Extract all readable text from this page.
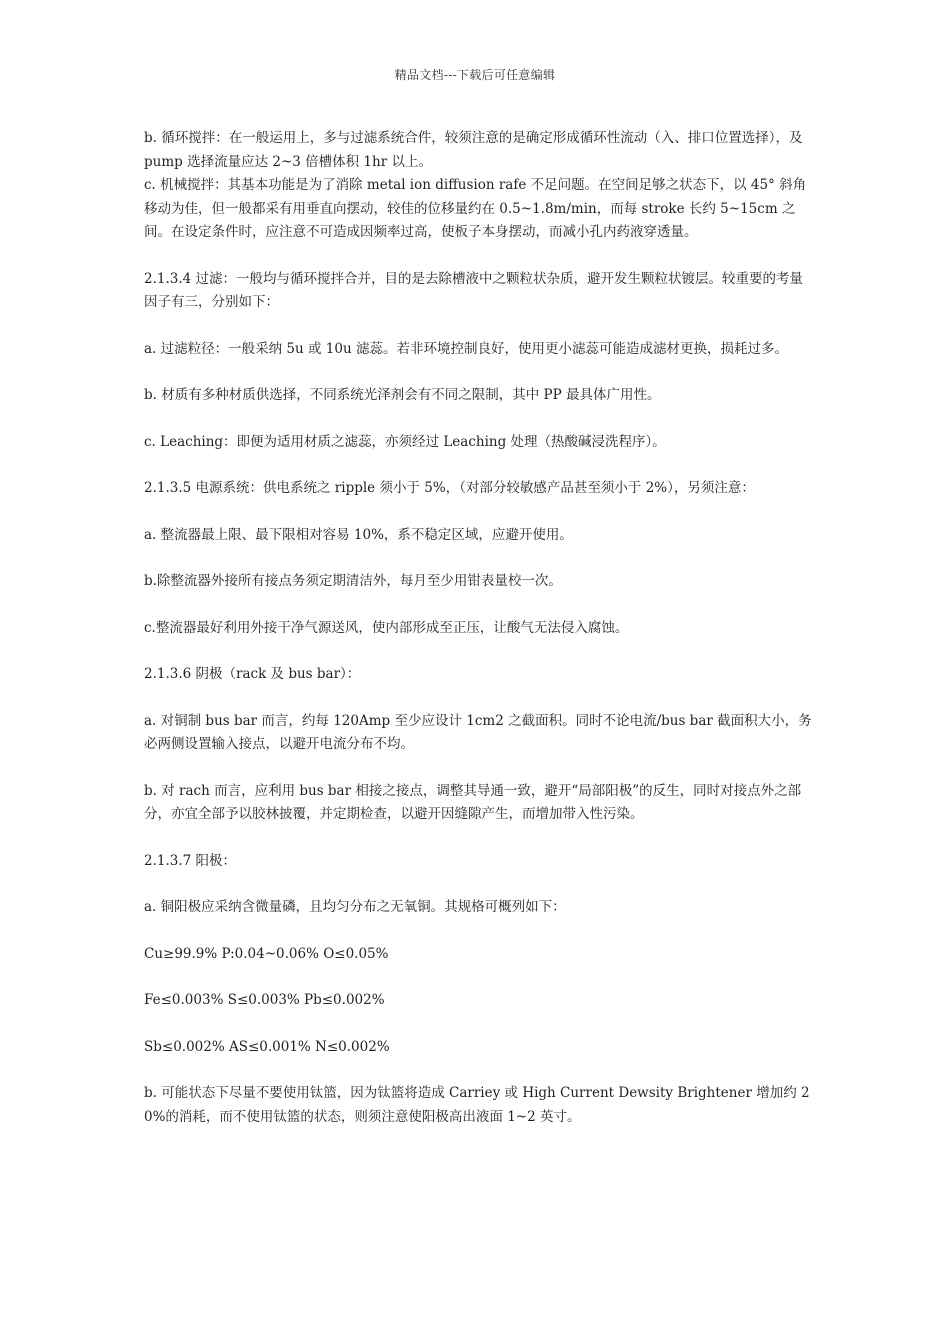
精品文档---下载后可任意编辑

b. 循环搅拌：在一般运用上，多与过滤系统合件，较须注意的是确定形成循环性流动（入、排口位置选择），及 pump 选择流量应达 2~3 倍槽体积 1hr 以上。

c. 机械搅拌：其基本功能是为了消除 metal ion diffusion rafe 不足问题。在空间足够之状态下，以 45° 斜角移动为佳，但一般都采有用垂直向摆动，较佳的位移量约在 0.5~1.8m/min，而每 stroke 长约 5~15cm 之间。在设定条件时，应注意不可造成因频率过高，使板子本身摆动，而减小孔内药液穿透量。

2.1.3.4 过滤：一般均与循环搅拌合并，目的是去除槽液中之颗粒状杂质，避开发生颗粒状镀层。较重要的考量因子有三，分别如下：

a. 过滤粒径：一般采纳 5u 或 10u 滤蕊。若非环境控制良好，使用更小滤蕊可能造成滤材更换，损耗过多。

b. 材质有多种材质供选择，不同系统光泽剂会有不同之限制，其中 PP 最具体广用性。

c. Leaching：即便为适用材质之滤蕊，亦须经过 Leaching 处理（热酸碱浸洗程序）。

2.1.3.5 电源系统：供电系统之 ripple 须小于 5%，（对部分较敏感产品甚至须小于 2%），另须注意：

a. 整流器最上限、最下限相对容易 10%，系不稳定区域，应避开使用。

b.除整流器外接所有接点务须定期清洁外，每月至少用钳表量校一次。

c.整流器最好利用外接干净气源送风，使内部形成至正压，让酸气无法侵入腐蚀。

2.1.3.6 阴极（rack 及 bus bar）：

a. 对铜制 bus bar 而言，约每 120Amp 至少应设计 1cm2 之截面积。同时不论电流/bus bar 截面积大小，务必两侧设置输入接点，以避开电流分布不均。

b. 对 rach 而言，应利用 bus bar 相接之接点，调整其导通一致，避开“局部阳极”的反生，同时对接点外之部分，亦宜全部予以胶林披覆，并定期检查，以避开因缝隙产生，而增加带入性污染。

2.1.3.7 阳极：

a. 铜阳极应采纳含微量磷，且均匀分布之无氧铜。其规格可概列如下：

Cu≥99.9% P:0.04~0.06% O≤0.05%

Fe≤0.003% S≤0.003% Pb≤0.002%

Sb≤0.002% AS≤0.001% N≤0.002%

b. 可能状态下尽量不要使用钛篮，因为钛篮将造成 Carriey 或 High Current Dewsity Brightener 增加约 20%的消耗，而不使用钛篮的状态，则须注意使阳极高出液面 1~2 英寸。
